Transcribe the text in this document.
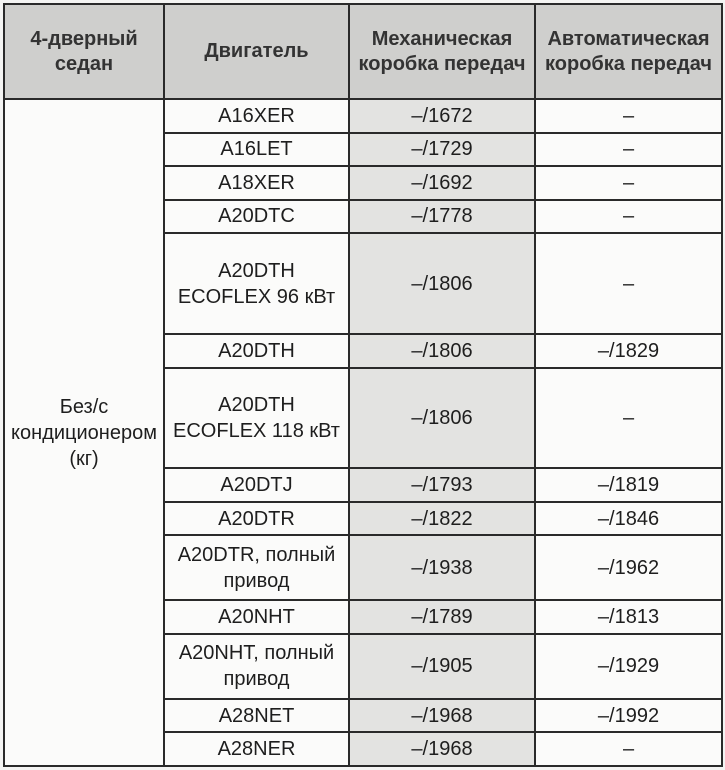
4-дверный седан	Двигатель	Механическая коробка передач	Автоматическая коробка передач
Без/с кондиционером (кг)	A16XER	–/1672	–
	A16LET	–/1729	–
	A18XER	–/1692	–
	A20DTC	–/1778	–
	A20DTH ECOFLEX 96 кВт	–/1806	–
	A20DTH	–/1806	–/1829
	A20DTH ECOFLEX 118 кВт	–/1806	–
	A20DTJ	–/1793	–/1819
	A20DTR	–/1822	–/1846
	A20DTR, полный привод	–/1938	–/1962
	A20NHT	–/1789	–/1813
	A20NHT, полный привод	–/1905	–/1929
	A28NET	–/1968	–/1992
	A28NER	–/1968	–
